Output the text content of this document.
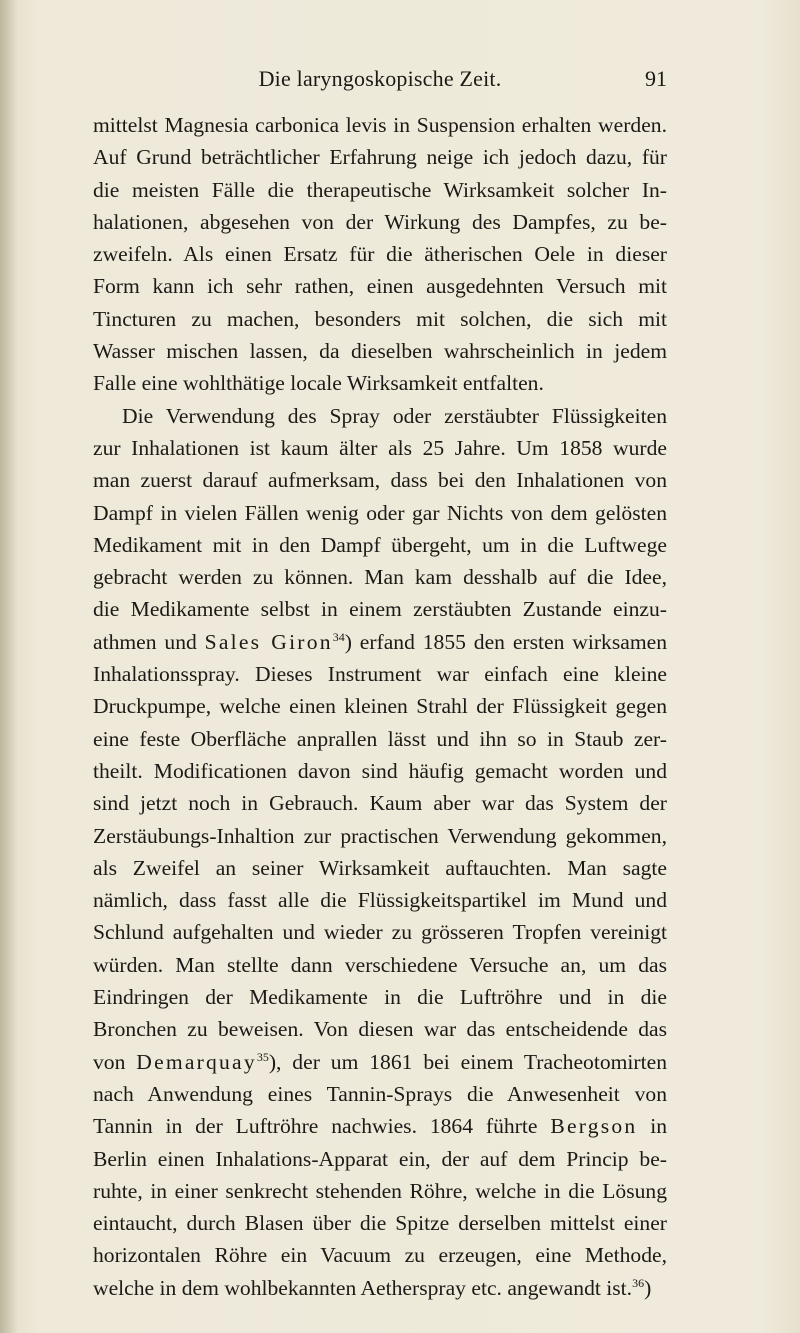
Die laryngoskopische Zeit.	91
mittelst Magnesia carbonica levis in Suspension erhalten werden.
Auf Grund beträchtlicher Erfahrung neige ich jedoch dazu, für
die meisten Fälle die therapeutische Wirksamkeit solcher In-
halationen, abgesehen von der Wirkung des Dampfes, zu be-
zweifeln. Als einen Ersatz für die ätherischen Oele in dieser
Form kann ich sehr rathen, einen ausgedehnten Versuch mit
Tincturen zu machen, besonders mit solchen, die sich mit
Wasser mischen lassen, da dieselben wahrscheinlich in jedem
Falle eine wohlthätige locale Wirksamkeit entfalten.
Die Verwendung des Spray oder zerstäubter Flüssigkeiten
zur Inhalationen ist kaum älter als 25 Jahre. Um 1858 wurde
man zuerst darauf aufmerksam, dass bei den Inhalationen von
Dampf in vielen Fällen wenig oder gar Nichts von dem gelösten
Medikament mit in den Dampf übergeht, um in die Luftwege
gebracht werden zu können. Man kam desshalb auf die Idee,
die Medikamente selbst in einem zerstäubten Zustande einzu-
athmen und Sales Giron$^{34}$) erfand 1855 den ersten wirksamen
Inhalationsspray. Dieses Instrument war einfach eine kleine
Druckpumpe, welche einen kleinen Strahl der Flüssigkeit gegen
eine feste Oberfläche anprallen lässt und ihn so in Staub zer-
theilt. Modificationen davon sind häufig gemacht worden und
sind jetzt noch in Gebrauch. Kaum aber war das System der
Zerstäubungs-Inhaltion zur practischen Verwendung gekommen,
als Zweifel an seiner Wirksamkeit auftauchten. Man sagte
nämlich, dass fasst alle die Flüssigkeitspartikel im Mund und
Schlund aufgehalten und wieder zu grösseren Tropfen vereinigt
würden. Man stellte dann verschiedene Versuche an, um das
Eindringen der Medikamente in die Luftröhre und in die
Bronchen zu beweisen. Von diesen war das entscheidende das
von Demarquay$^{35}$), der um 1861 bei einem Tracheotomirten
nach Anwendung eines Tannin-Sprays die Anwesenheit von
Tannin in der Luftröhre nachwies. 1864 führte Bergson in
Berlin einen Inhalations-Apparat ein, der auf dem Princip be-
ruhte, in einer senkrecht stehenden Röhre, welche in die Lösung
eintaucht, durch Blasen über die Spitze derselben mittelst einer
horizontalen Röhre ein Vacuum zu erzeugen, eine Methode,
welche in dem wohlbekannten Aetherspray etc. angewandt ist.$^{36}$)
